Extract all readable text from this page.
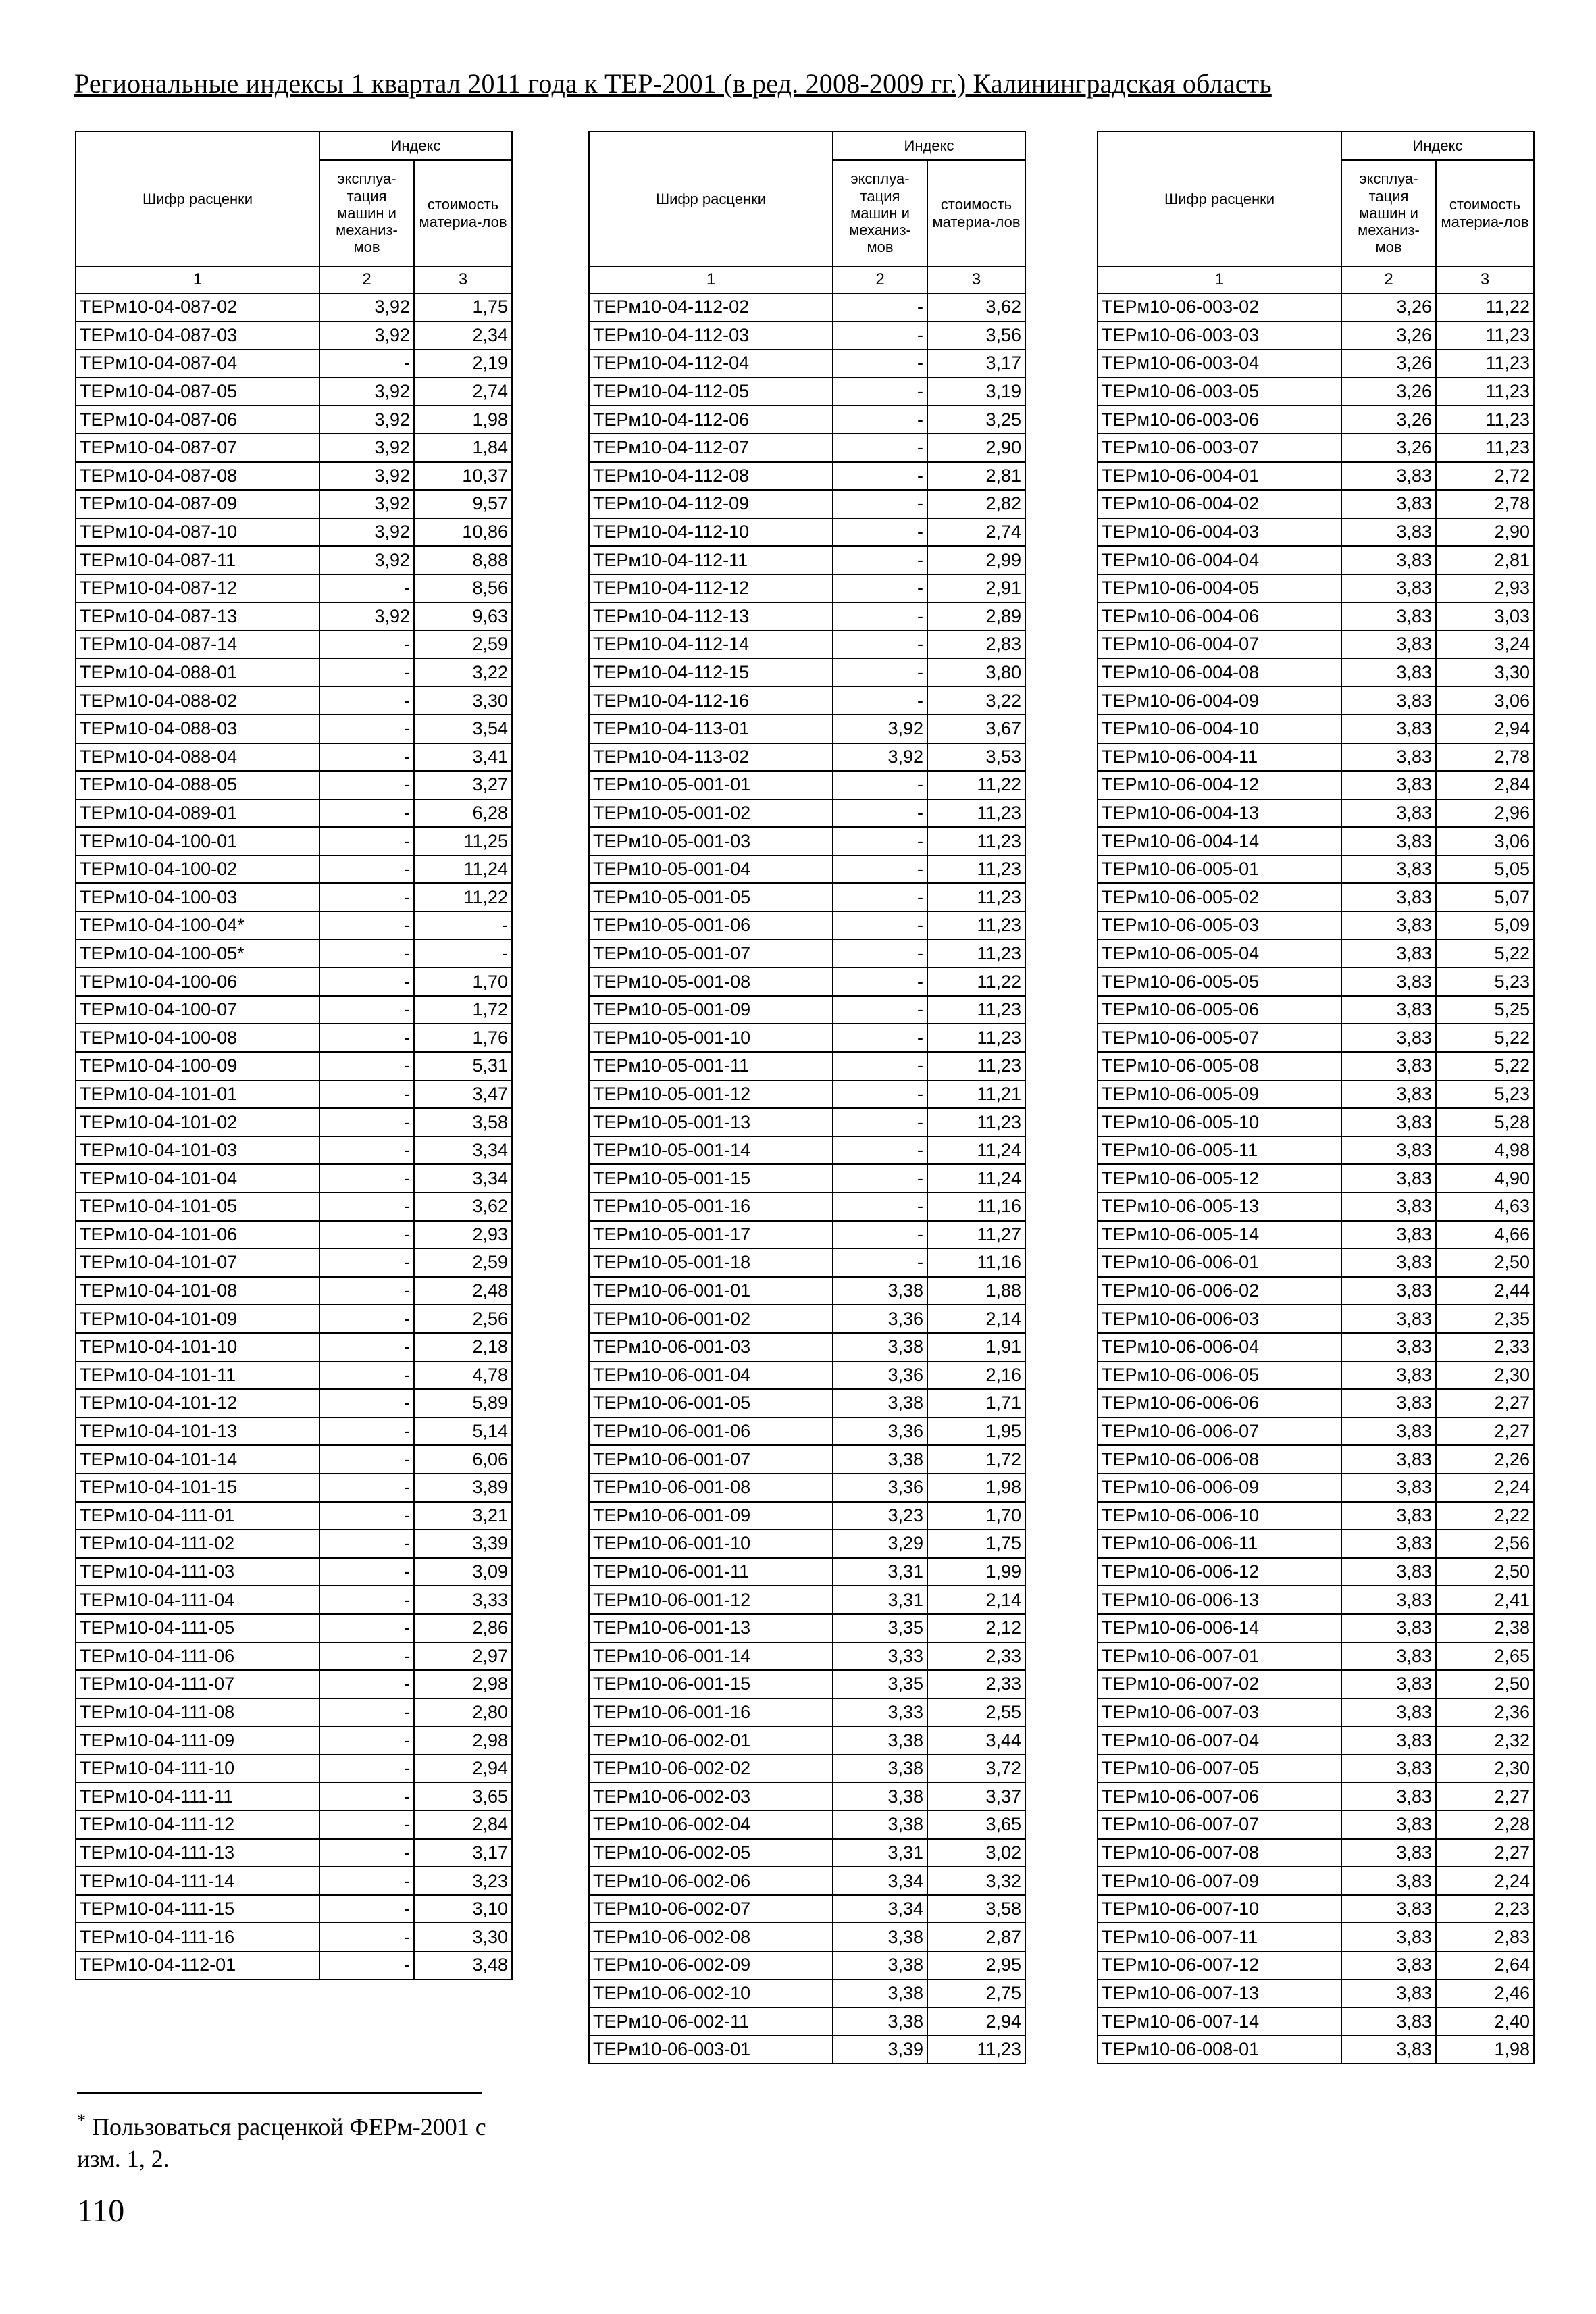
Региональные индексы 1 квартал 2011 года к ТЕР-2001 (в ред. 2008-2009 гг.) Калининградская область
Шифр расценки	Индекс	
	эксплуа-тация машин и механиз-мов	стоимость материа-лов
1	2	3
ТЕРм10-04-087-02	3,92	1,75
ТЕРм10-04-087-03	3,92	2,34
ТЕРм10-04-087-04	-	2,19
ТЕРм10-04-087-05	3,92	2,74
ТЕРм10-04-087-06	3,92	1,98
ТЕРм10-04-087-07	3,92	1,84
ТЕРм10-04-087-08	3,92	10,37
ТЕРм10-04-087-09	3,92	9,57
ТЕРм10-04-087-10	3,92	10,86
ТЕРм10-04-087-11	3,92	8,88
ТЕРм10-04-087-12	-	8,56
ТЕРм10-04-087-13	3,92	9,63
ТЕРм10-04-087-14	-	2,59
ТЕРм10-04-088-01	-	3,22
ТЕРм10-04-088-02	-	3,30
ТЕРм10-04-088-03	-	3,54
ТЕРм10-04-088-04	-	3,41
ТЕРм10-04-088-05	-	3,27
ТЕРм10-04-089-01	-	6,28
ТЕРм10-04-100-01	-	11,25
ТЕРм10-04-100-02	-	11,24
ТЕРм10-04-100-03	-	11,22
ТЕРм10-04-100-04*	-	-
ТЕРм10-04-100-05*	-	-
ТЕРм10-04-100-06	-	1,70
ТЕРм10-04-100-07	-	1,72
ТЕРм10-04-100-08	-	1,76
ТЕРм10-04-100-09	-	5,31
ТЕРм10-04-101-01	-	3,47
ТЕРм10-04-101-02	-	3,58
ТЕРм10-04-101-03	-	3,34
ТЕРм10-04-101-04	-	3,34
ТЕРм10-04-101-05	-	3,62
ТЕРм10-04-101-06	-	2,93
ТЕРм10-04-101-07	-	2,59
ТЕРм10-04-101-08	-	2,48
ТЕРм10-04-101-09	-	2,56
ТЕРм10-04-101-10	-	2,18
ТЕРм10-04-101-11	-	4,78
ТЕРм10-04-101-12	-	5,89
ТЕРм10-04-101-13	-	5,14
ТЕРм10-04-101-14	-	6,06
ТЕРм10-04-101-15	-	3,89
ТЕРм10-04-111-01	-	3,21
ТЕРм10-04-111-02	-	3,39
ТЕРм10-04-111-03	-	3,09
ТЕРм10-04-111-04	-	3,33
ТЕРм10-04-111-05	-	2,86
ТЕРм10-04-111-06	-	2,97
ТЕРм10-04-111-07	-	2,98
ТЕРм10-04-111-08	-	2,80
ТЕРм10-04-111-09	-	2,98
ТЕРм10-04-111-10	-	2,94
ТЕРм10-04-111-11	-	3,65
ТЕРм10-04-111-12	-	2,84
ТЕРм10-04-111-13	-	3,17
ТЕРм10-04-111-14	-	3,23
ТЕРм10-04-111-15	-	3,10
ТЕРм10-04-111-16	-	3,30
ТЕРм10-04-112-01	-	3,48
Шифр расценки	Индекс	
	эксплуа-тация машин и механиз-мов	стоимость материа-лов
1	2	3
ТЕРм10-04-112-02	-	3,62
ТЕРм10-04-112-03	-	3,56
ТЕРм10-04-112-04	-	3,17
ТЕРм10-04-112-05	-	3,19
ТЕРм10-04-112-06	-	3,25
ТЕРм10-04-112-07	-	2,90
ТЕРм10-04-112-08	-	2,81
ТЕРм10-04-112-09	-	2,82
ТЕРм10-04-112-10	-	2,74
ТЕРм10-04-112-11	-	2,99
ТЕРм10-04-112-12	-	2,91
ТЕРм10-04-112-13	-	2,89
ТЕРм10-04-112-14	-	2,83
ТЕРм10-04-112-15	-	3,80
ТЕРм10-04-112-16	-	3,22
ТЕРм10-04-113-01	3,92	3,67
ТЕРм10-04-113-02	3,92	3,53
ТЕРм10-05-001-01	-	11,22
ТЕРм10-05-001-02	-	11,23
ТЕРм10-05-001-03	-	11,23
ТЕРм10-05-001-04	-	11,23
ТЕРм10-05-001-05	-	11,23
ТЕРм10-05-001-06	-	11,23
ТЕРм10-05-001-07	-	11,23
ТЕРм10-05-001-08	-	11,22
ТЕРм10-05-001-09	-	11,23
ТЕРм10-05-001-10	-	11,23
ТЕРм10-05-001-11	-	11,23
ТЕРм10-05-001-12	-	11,21
ТЕРм10-05-001-13	-	11,23
ТЕРм10-05-001-14	-	11,24
ТЕРм10-05-001-15	-	11,24
ТЕРм10-05-001-16	-	11,16
ТЕРм10-05-001-17	-	11,27
ТЕРм10-05-001-18	-	11,16
ТЕРм10-06-001-01	3,38	1,88
ТЕРм10-06-001-02	3,36	2,14
ТЕРм10-06-001-03	3,38	1,91
ТЕРм10-06-001-04	3,36	2,16
ТЕРм10-06-001-05	3,38	1,71
ТЕРм10-06-001-06	3,36	1,95
ТЕРм10-06-001-07	3,38	1,72
ТЕРм10-06-001-08	3,36	1,98
ТЕРм10-06-001-09	3,23	1,70
ТЕРм10-06-001-10	3,29	1,75
ТЕРм10-06-001-11	3,31	1,99
ТЕРм10-06-001-12	3,31	2,14
ТЕРм10-06-001-13	3,35	2,12
ТЕРм10-06-001-14	3,33	2,33
ТЕРм10-06-001-15	3,35	2,33
ТЕРм10-06-001-16	3,33	2,55
ТЕРм10-06-002-01	3,38	3,44
ТЕРм10-06-002-02	3,38	3,72
ТЕРм10-06-002-03	3,38	3,37
ТЕРм10-06-002-04	3,38	3,65
ТЕРм10-06-002-05	3,31	3,02
ТЕРм10-06-002-06	3,34	3,32
ТЕРм10-06-002-07	3,34	3,58
ТЕРм10-06-002-08	3,38	2,87
ТЕРм10-06-002-09	3,38	2,95
ТЕРм10-06-002-10	3,38	2,75
ТЕРм10-06-002-11	3,38	2,94
ТЕРм10-06-003-01	3,39	11,23
Шифр расценки	Индекс	
	эксплуа-тация машин и механиз-мов	стоимость материа-лов
1	2	3
ТЕРм10-06-003-02	3,26	11,22
ТЕРм10-06-003-03	3,26	11,23
ТЕРм10-06-003-04	3,26	11,23
ТЕРм10-06-003-05	3,26	11,23
ТЕРм10-06-003-06	3,26	11,23
ТЕРм10-06-003-07	3,26	11,23
ТЕРм10-06-004-01	3,83	2,72
ТЕРм10-06-004-02	3,83	2,78
ТЕРм10-06-004-03	3,83	2,90
ТЕРм10-06-004-04	3,83	2,81
ТЕРм10-06-004-05	3,83	2,93
ТЕРм10-06-004-06	3,83	3,03
ТЕРм10-06-004-07	3,83	3,24
ТЕРм10-06-004-08	3,83	3,30
ТЕРм10-06-004-09	3,83	3,06
ТЕРм10-06-004-10	3,83	2,94
ТЕРм10-06-004-11	3,83	2,78
ТЕРм10-06-004-12	3,83	2,84
ТЕРм10-06-004-13	3,83	2,96
ТЕРм10-06-004-14	3,83	3,06
ТЕРм10-06-005-01	3,83	5,05
ТЕРм10-06-005-02	3,83	5,07
ТЕРм10-06-005-03	3,83	5,09
ТЕРм10-06-005-04	3,83	5,22
ТЕРм10-06-005-05	3,83	5,23
ТЕРм10-06-005-06	3,83	5,25
ТЕРм10-06-005-07	3,83	5,22
ТЕРм10-06-005-08	3,83	5,22
ТЕРм10-06-005-09	3,83	5,23
ТЕРм10-06-005-10	3,83	5,28
ТЕРм10-06-005-11	3,83	4,98
ТЕРм10-06-005-12	3,83	4,90
ТЕРм10-06-005-13	3,83	4,63
ТЕРм10-06-005-14	3,83	4,66
ТЕРм10-06-006-01	3,83	2,50
ТЕРм10-06-006-02	3,83	2,44
ТЕРм10-06-006-03	3,83	2,35
ТЕРм10-06-006-04	3,83	2,33
ТЕРм10-06-006-05	3,83	2,30
ТЕРм10-06-006-06	3,83	2,27
ТЕРм10-06-006-07	3,83	2,27
ТЕРм10-06-006-08	3,83	2,26
ТЕРм10-06-006-09	3,83	2,24
ТЕРм10-06-006-10	3,83	2,22
ТЕРм10-06-006-11	3,83	2,56
ТЕРм10-06-006-12	3,83	2,50
ТЕРм10-06-006-13	3,83	2,41
ТЕРм10-06-006-14	3,83	2,38
ТЕРм10-06-007-01	3,83	2,65
ТЕРм10-06-007-02	3,83	2,50
ТЕРм10-06-007-03	3,83	2,36
ТЕРм10-06-007-04	3,83	2,32
ТЕРм10-06-007-05	3,83	2,30
ТЕРм10-06-007-06	3,83	2,27
ТЕРм10-06-007-07	3,83	2,28
ТЕРм10-06-007-08	3,83	2,27
ТЕРм10-06-007-09	3,83	2,24
ТЕРм10-06-007-10	3,83	2,23
ТЕРм10-06-007-11	3,83	2,83
ТЕРм10-06-007-12	3,83	2,64
ТЕРм10-06-007-13	3,83	2,46
ТЕРм10-06-007-14	3,83	2,40
ТЕРм10-06-008-01	3,83	1,98
* Пользоваться расценкой ФЕРм-2001 с изм. 1, 2.
110
